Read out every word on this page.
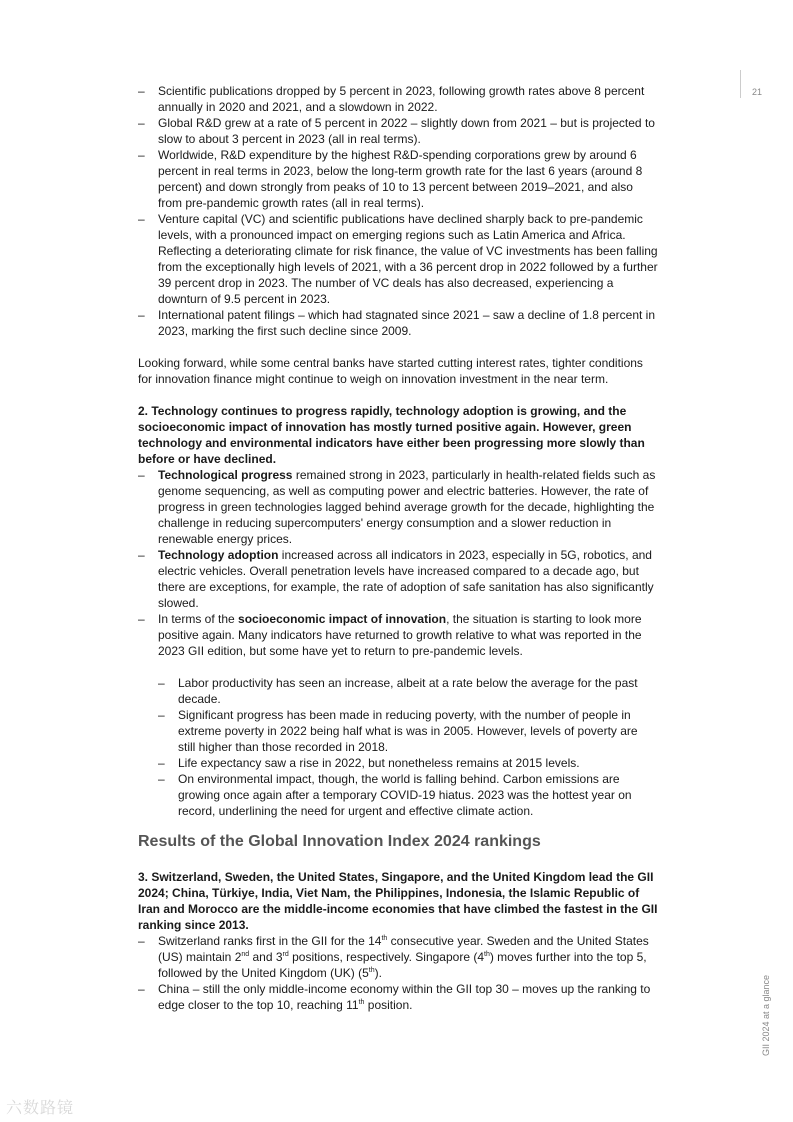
21
GII 2024 at a glance
– Scientific publications dropped by 5 percent in 2023, following growth rates above 8 percent annually in 2020 and 2021, and a slowdown in 2022.
– Global R&D grew at a rate of 5 percent in 2022 – slightly down from 2021 – but is projected to slow to about 3 percent in 2023 (all in real terms).
– Worldwide, R&D expenditure by the highest R&D-spending corporations grew by around 6 percent in real terms in 2023, below the long-term growth rate for the last 6 years (around 8 percent) and down strongly from peaks of 10 to 13 percent between 2019–2021, and also from pre-pandemic growth rates (all in real terms).
– Venture capital (VC) and scientific publications have declined sharply back to pre-pandemic levels, with a pronounced impact on emerging regions such as Latin America and Africa. Reflecting a deteriorating climate for risk finance, the value of VC investments has been falling from the exceptionally high levels of 2021, with a 36 percent drop in 2022 followed by a further 39 percent drop in 2023. The number of VC deals has also decreased, experiencing a downturn of 9.5 percent in 2023.
– International patent filings – which had stagnated since 2021 – saw a decline of 1.8 percent in 2023, marking the first such decline since 2009.

Looking forward, while some central banks have started cutting interest rates, tighter conditions for innovation finance might continue to weigh on innovation investment in the near term.

2. Technology continues to progress rapidly, technology adoption is growing, and the socioeconomic impact of innovation has mostly turned positive again. However, green technology and environmental indicators have either been progressing more slowly than before or have declined.

– Technological progress remained strong in 2023, particularly in health-related fields such as genome sequencing, as well as computing power and electric batteries. However, the rate of progress in green technologies lagged behind average growth for the decade, highlighting the challenge in reducing supercomputers' energy consumption and a slower reduction in renewable energy prices.
– Technology adoption increased across all indicators in 2023, especially in 5G, robotics, and electric vehicles. Overall penetration levels have increased compared to a decade ago, but there are exceptions, for example, the rate of adoption of safe sanitation has also significantly slowed.
– In terms of the socioeconomic impact of innovation, the situation is starting to look more positive again. Many indicators have returned to growth relative to what was reported in the 2023 GII edition, but some have yet to return to pre-pandemic levels.
– Labor productivity has seen an increase, albeit at a rate below the average for the past decade.
– Significant progress has been made in reducing poverty, with the number of people in extreme poverty in 2022 being half what is was in 2005. However, levels of poverty are still higher than those recorded in 2018.
– Life expectancy saw a rise in 2022, but nonetheless remains at 2015 levels.
– On environmental impact, though, the world is falling behind. Carbon emissions are growing once again after a temporary COVID-19 hiatus. 2023 was the hottest year on record, underlining the need for urgent and effective climate action.
Results of the Global Innovation Index 2024 rankings

3. Switzerland, Sweden, the United States, Singapore, and the United Kingdom lead the GII 2024; China, Türkiye, India, Viet Nam, the Philippines, Indonesia, the Islamic Republic of Iran and Morocco are the middle-income economies that have climbed the fastest in the GII ranking since 2013.

– Switzerland ranks first in the GII for the 14th consecutive year. Sweden and the United States (US) maintain 2nd and 3rd positions, respectively. Singapore (4th) moves further into the top 5, followed by the United Kingdom (UK) (5th).
– China – still the only middle-income economy within the GII top 30 – moves up the ranking to edge closer to the top 10, reaching 11th position.
六数路镜
